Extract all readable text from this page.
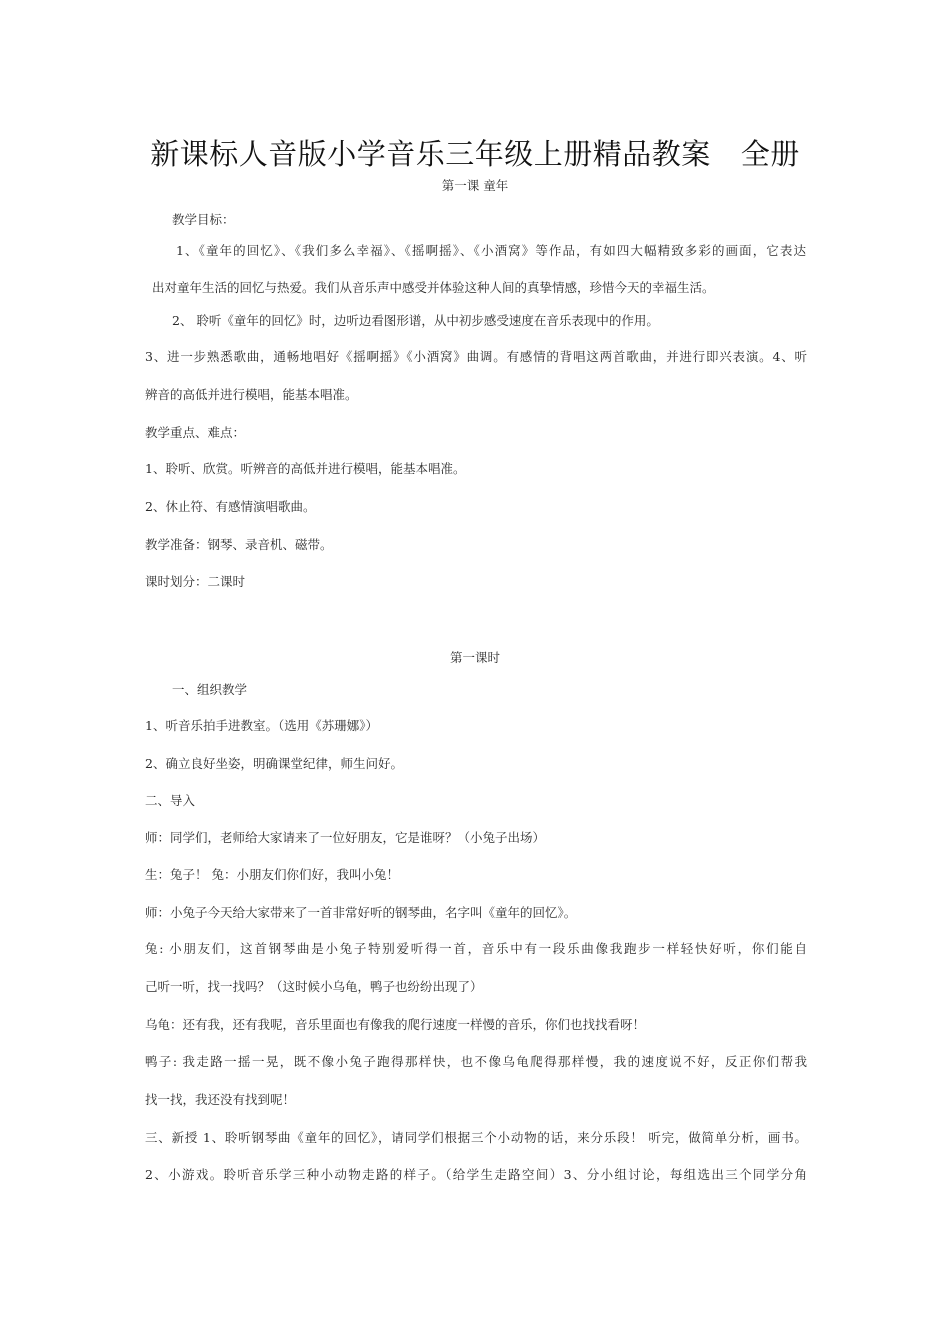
新课标人音版小学音乐三年级上册精品教案 全册
第一课 童年
教学目标：
1、《童年的回忆》、《我们多么幸福》、《摇啊摇》、《小酒窝》等作品，有如四大幅精致多彩的画面，它表达
出对童年生活的回忆与热爱。我们从音乐声中感受并体验这种人间的真挚情感，珍惜今天的幸福生活。
2、 聆听《童年的回忆》时，边听边看图形谱，从中初步感受速度在音乐表现中的作用。
3、进一步熟悉歌曲，通畅地唱好《摇啊摇》《小酒窝》曲调。有感情的背唱这两首歌曲，并进行即兴表演。4、听
辨音的高低并进行模唱，能基本唱准。
教学重点、难点：
1、聆听、欣赏。听辨音的高低并进行模唱，能基本唱准。
2、休止符、有感情演唱歌曲。
教学准备：钢琴、录音机、磁带。
课时划分：二课时
第一课时
一、组织教学
1、听音乐拍手进教室。（选用《苏珊娜》）
2、确立良好坐姿，明确课堂纪律，师生问好。
二、导入
师：同学们，老师给大家请来了一位好朋友，它是谁呀？（小兔子出场）
生：兔子！ 兔：小朋友们你们好，我叫小兔！
师：小兔子今天给大家带来了一首非常好听的钢琴曲，名字叫《童年的回忆》。
兔: 小朋友们，这首钢琴曲是小兔子特别爱听得一首，音乐中有一段乐曲像我跑步一样轻快好听，你们能自
己听一听，找一找吗？（这时候小乌龟，鸭子也纷纷出现了）
乌龟：还有我，还有我呢，音乐里面也有像我的爬行速度一样慢的音乐，你们也找找看呀！
鸭子: 我走路一摇一晃，既不像小兔子跑得那样快，也不像乌龟爬得那样慢，我的速度说不好，反正你们帮我
找一找，我还没有找到呢！
三、新授 1、聆听钢琴曲《童年的回忆》，请同学们根据三个小动物的话，来分乐段！ 听完，做简单分析，画书。
2、小游戏。聆听音乐学三种小动物走路的样子。（给学生走路空间）3、分小组讨论，每组选出三个同学分角
